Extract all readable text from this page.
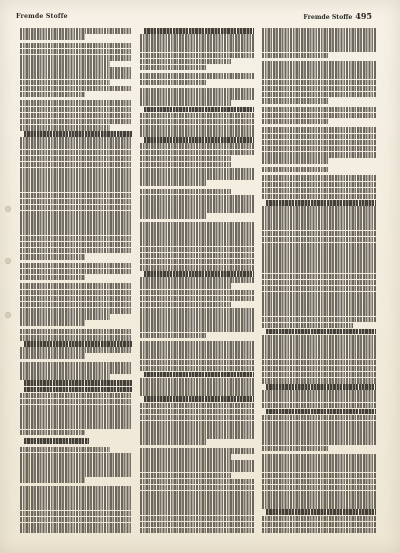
Fremde Stoffe	Fremde Stoffe 495
